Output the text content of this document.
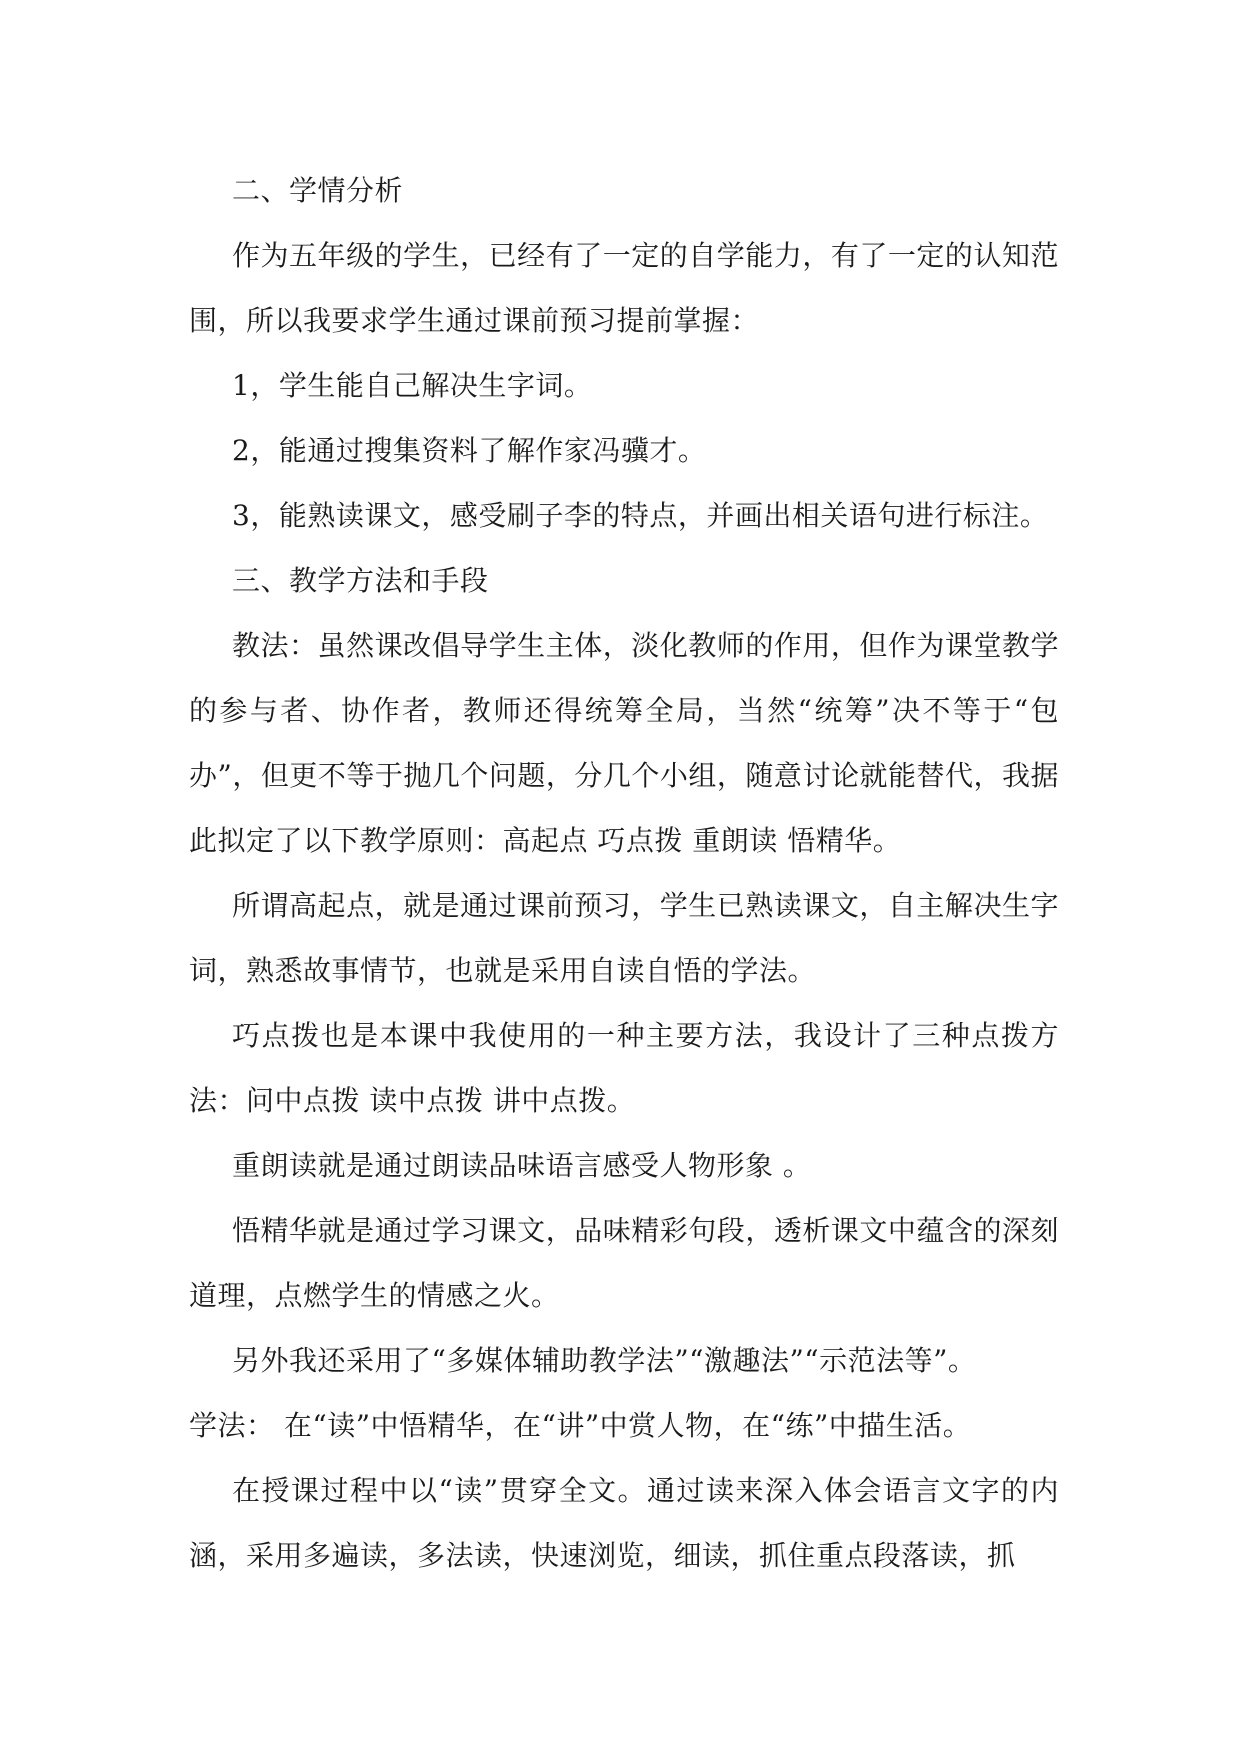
二、学情分析

作为五年级的学生，已经有了一定的自学能力，有了一定的认知范围，所以我要求学生通过课前预习提前掌握：

1，学生能自己解决生字词。

2，能通过搜集资料了解作家冯骥才。

3，能熟读课文，感受刷子李的特点，并画出相关语句进行标注。

三、教学方法和手段

教法：虽然课改倡导学生主体，淡化教师的作用，但作为课堂教学的参与者、协作者，教师还得统筹全局，当然“统筹”决不等于“包办”，但更不等于抛几个问题，分几个小组，随意讨论就能替代，我据此拟定了以下教学原则：高起点 巧点拨 重朗读 悟精华。

所谓高起点，就是通过课前预习，学生已熟读课文，自主解决生字词，熟悉故事情节，也就是采用自读自悟的学法。

巧点拨也是本课中我使用的一种主要方法，我设计了三种点拨方法：问中点拨 读中点拨 讲中点拨。

重朗读就是通过朗读品味语言感受人物形象 。

悟精华就是通过学习课文，品味精彩句段，透析课文中蕴含的深刻道理，点燃学生的情感之火。

另外我还采用了“多媒体辅助教学法”“激趣法”“示范法等”。

学法： 在“读”中悟精华，在“讲”中赏人物，在“练”中描生活。

在授课过程中以“读”贯穿全文。通过读来深入体会语言文字的内涵，采用多遍读，多法读，快速浏览，细读，抓住重点段落读，抓
